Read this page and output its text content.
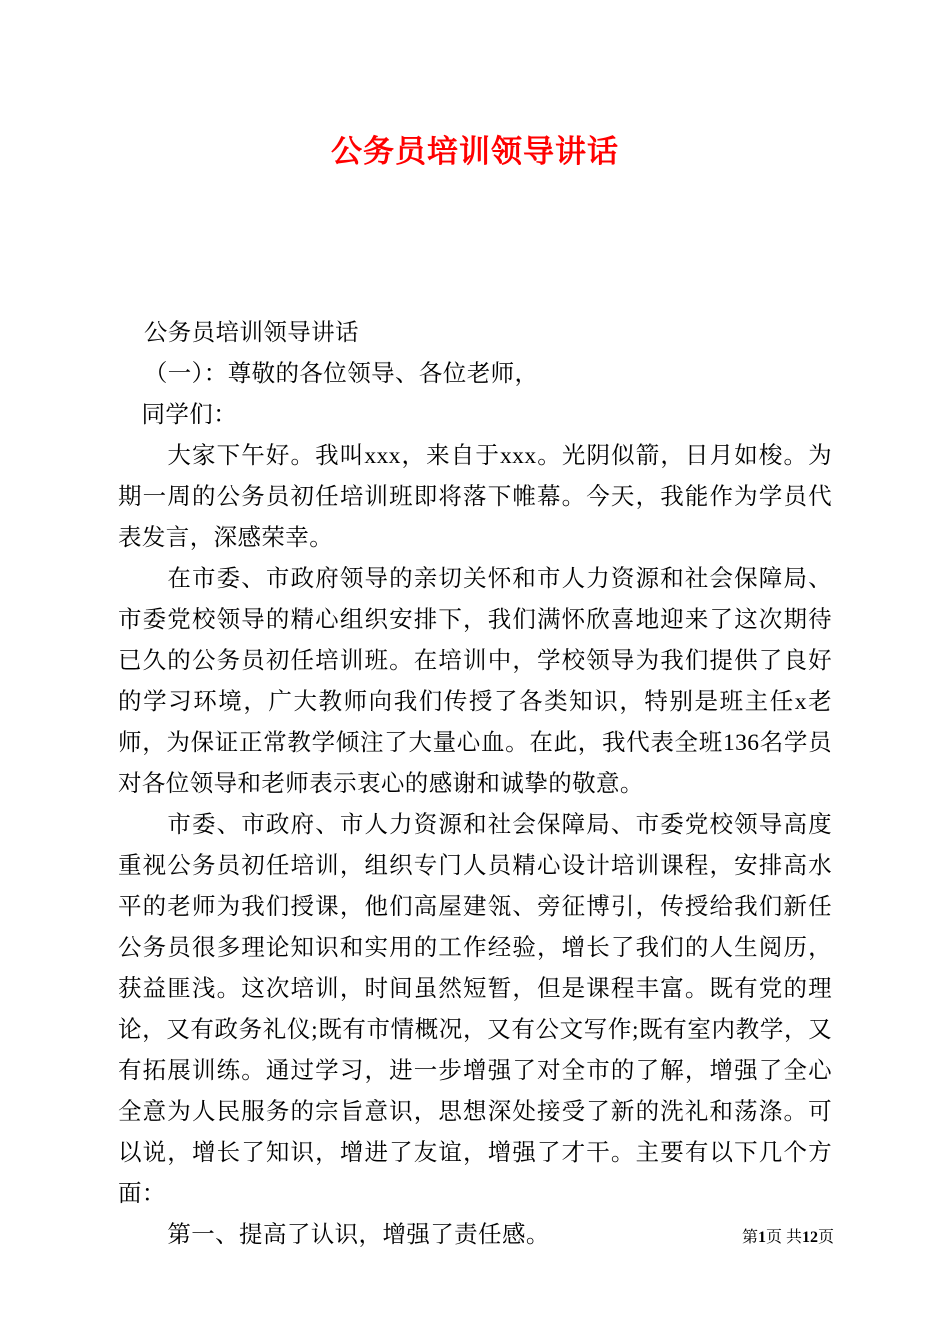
公务员培训领导讲话

公务员培训领导讲话

（一）：尊敬的各位领导、各位老师，

同学们：

大家下午好。我叫xxx，来自于xxx。光阴似箭，日月如梭。为期一周的公务员初任培训班即将落下帷幕。今天，我能作为学员代表发言，深感荣幸。

在市委、市政府领导的亲切关怀和市人力资源和社会保障局、市委党校领导的精心组织安排下，我们满怀欣喜地迎来了这次期待已久的公务员初任培训班。在培训中，学校领导为我们提供了良好的学习环境，广大教师向我们传授了各类知识，特别是班主任x老师，为保证正常教学倾注了大量心血。在此，我代表全班136名学员对各位领导和老师表示衷心的感谢和诚挚的敬意。

市委、市政府、市人力资源和社会保障局、市委党校领导高度重视公务员初任培训，组织专门人员精心设计培训课程，安排高水平的老师为我们授课，他们高屋建瓴、旁征博引，传授给我们新任公务员很多理论知识和实用的工作经验，增长了我们的人生阅历，获益匪浅。这次培训，时间虽然短暂，但是课程丰富。既有党的理论，又有政务礼仪;既有市情概况，又有公文写作;既有室内教学，又有拓展训练。通过学习，进一步增强了对全市的了解，增强了全心全意为人民服务的宗旨意识，思想深处接受了新的洗礼和荡涤。可以说，增长了知识，增进了友谊，增强了才干。主要有以下几个方面：

第一、提高了认识，增强了责任感。	第1页 共12页
